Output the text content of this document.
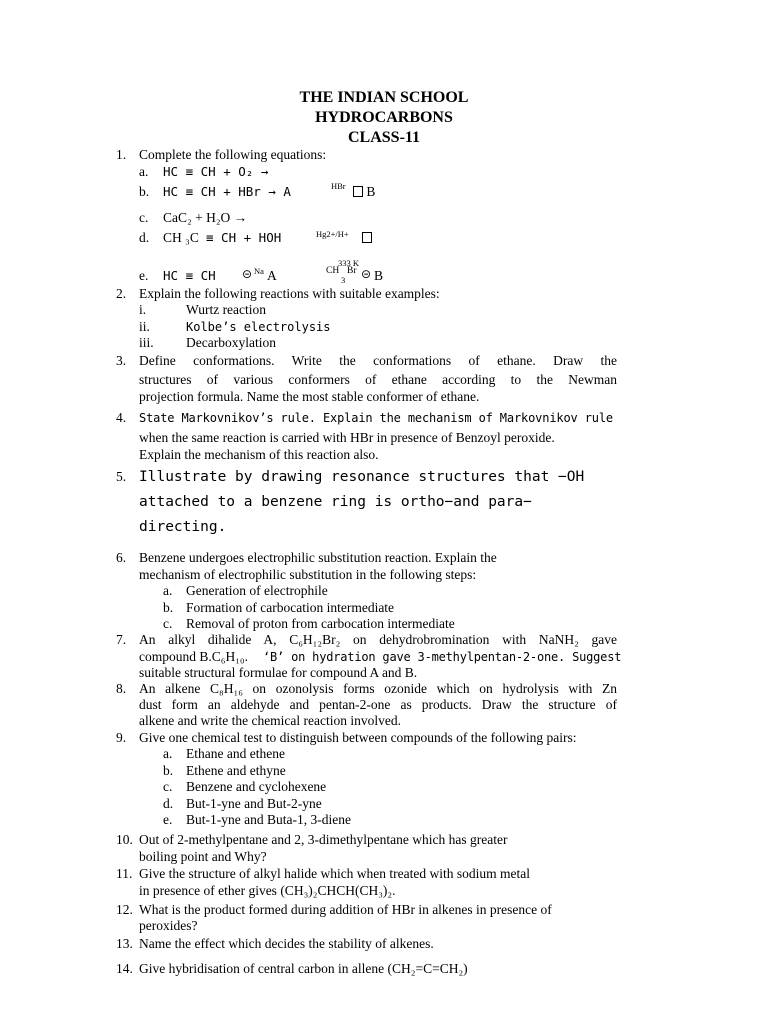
THE INDIAN SCHOOL
HYDROCARBONS
CLASS-11
1. Complete the following equations:
a. HC ≡ CH + O₂ →
b. HC ≡ CH + HBr → A	HBr	B
c. CaC₂ + H₂O →
d. CH ₃C ≡ CH + HOH	Hg2+/H+
333 K
e. HC ≡ CH ⊝ Na A	CH
3
Br ⊝ B
2. Explain the following reactions with suitable examples:
i.	Wurtz reaction
ii.	Kolbe’s electrolysis
iii. Decarboxylation
3. Define conformations. Write the conformations of ethane. Draw the
structures of various conformers of ethane according to the Newman
projection formula. Name the most stable conformer of ethane.
4. State Markovnikov’s rule. Explain the mechanism of Markovnikov rule
when the same reaction is carried with HBr in presence of Benzoyl peroxide.
Explain the mechanism of this reaction also.
5. Illustrate by drawing resonance structures that −OH
attached to a benzene ring is ortho−and para−
directing.
6. Benzene undergoes electrophilic substitution reaction. Explain the
mechanism of electrophilic substitution in the following steps:
a. Generation of electrophile
b. Formation of carbocation intermediate
c. Removal of proton from carbocation intermediate
7. An alkyl dihalide A, C₆H₁₂Br₂ on dehydrobromination with NaNH₂ gave
compound B.C₆H₁₀. ‘B’ on hydration gave 3-methylpentan-2-one. Suggest
suitable structural formulae for compound A and B.
8. An alkene C₈H₁₆ on ozonolysis forms ozonide which on hydrolysis with Zn
dust form an aldehyde and pentan-2-one as products. Draw the structure of
alkene and write the chemical reaction involved.
9. Give one chemical test to distinguish between compounds of the following pairs:
a. Ethane and ethene
b. Ethene and ethyne
c. Benzene and cyclohexene
d. But-1-yne and But-2-yne
e. But-1-yne and Buta-1, 3-diene
10. Out of 2-methylpentane and 2, 3-dimethylpentane which has greater
boiling point and Why?
11. Give the structure of alkyl halide which when treated with sodium metal
in presence of ether gives (CH₃)₂CHCH(CH₃)₂.
12. What is the product formed during addition of HBr in alkenes in presence of
peroxides?
13. Name the effect which decides the stability of alkenes.
14. Give hybridisation of central carbon in allene (CH₂=C=CH₂)
